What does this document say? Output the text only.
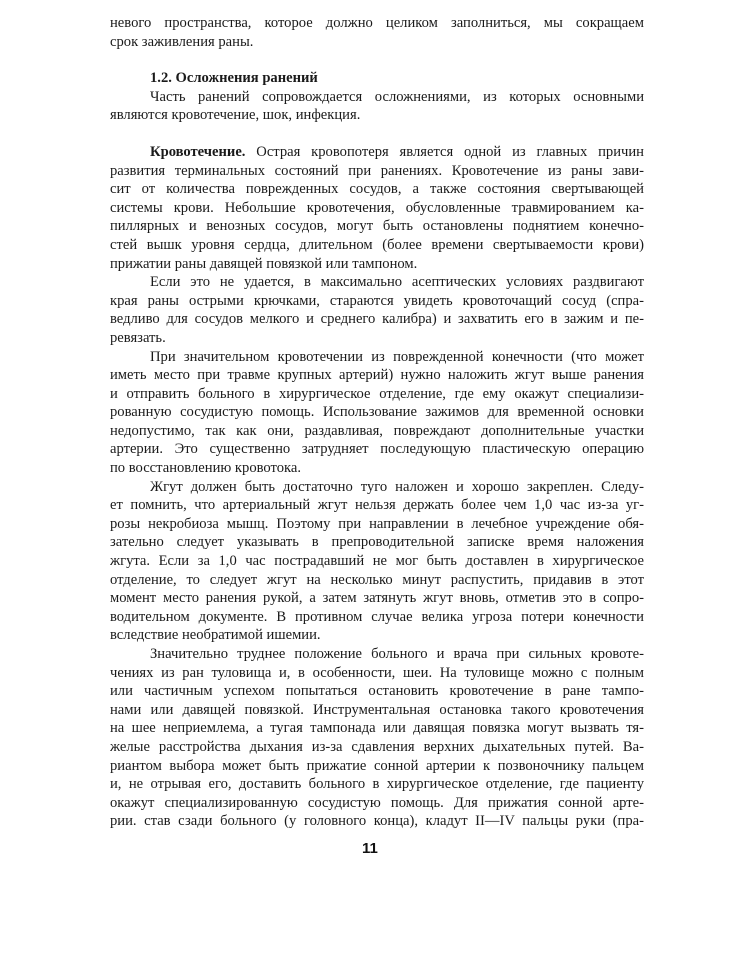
невого пространства, которое должно целиком заполниться, мы сокращаем
срок заживления раны.
1.2. Осложнения ранений
Часть ранений сопровождается осложнениями, из которых основными
являются кровотечение, шок, инфекция.
Кровотечение. Острая кровопотеря является одной из главных причин
развития терминальных состояний при ранениях. Кровотечение из раны зави-
сит от количества поврежденных сосудов, а также состояния свертывающей
системы крови. Небольшие кровотечения, обусловленные травмированием ка-
пиллярных и венозных сосудов, могут быть остановлены поднятием конечно-
стей вышк уровня сердца, длительном (более времени свертываемости крови)
прижатии раны давящей повязкой или тампоном.
Если это не удается, в максимально асептических условиях раздвигают
края раны острыми крючками, стараются увидеть кровоточащий сосуд (спра-
ведливо для сосудов мелкого и среднего калибра) и захватить его в зажим и пе-
ревязать.
При значительном кровотечении из поврежденной конечности (что может
иметь место при травме крупных артерий) нужно наложить жгут выше ранения
и отправить больного в хирургическое отделение, где ему окажут специализи-
рованную сосудистую помощь. Использование зажимов для временной основки
недопустимо, так как они, раздавливая, повреждают дополнительные участки
артерии. Это существенно затрудняет последующую пластическую операцию
по восстановлению кровотока.
Жгут должен быть достаточно туго наложен и хорошо закреплен. Следу-
ет помнить, что артериальный жгут нельзя держать более чем 1,0 час из-за уг-
розы некробиоза мышц. Поэтому при направлении в лечебное учреждение обя-
зательно следует указывать в препроводительной записке время наложения
жгута. Если за 1,0 час пострадавший не мог быть доставлен в хирургическое
отделение, то следует жгут на несколько минут распустить, придавив в этот
момент место ранения рукой, а затем затянуть жгут вновь, отметив это в сопро-
водительном документе. В противном случае велика угроза потери конечности
вследствие необратимой ишемии.
Значительно труднее положение больного и врача при сильных кровоте-
чениях из ран туловища и, в особенности, шеи. На туловище можно с полным
или частичным успехом попытаться остановить кровотечение в ране тампо-
нами или давящей повязкой. Инструментальная остановка такого кровотечения
на шее неприемлема, а тугая тампонада или давящая повязка могут вызвать тя-
желые расстройства дыхания из-за сдавления верхних дыхательных путей. Ва-
риантом выбора может быть прижатие сонной артерии к позвоночнику пальцем
и, не отрывая его, доставить больного в хирургическое отделение, где пациенту
окажут специализированную сосудистую помощь. Для прижатия сонной арте-
рии. став сзади больного (у головного конца), кладут II—IV пальцы руки (пра-
11
